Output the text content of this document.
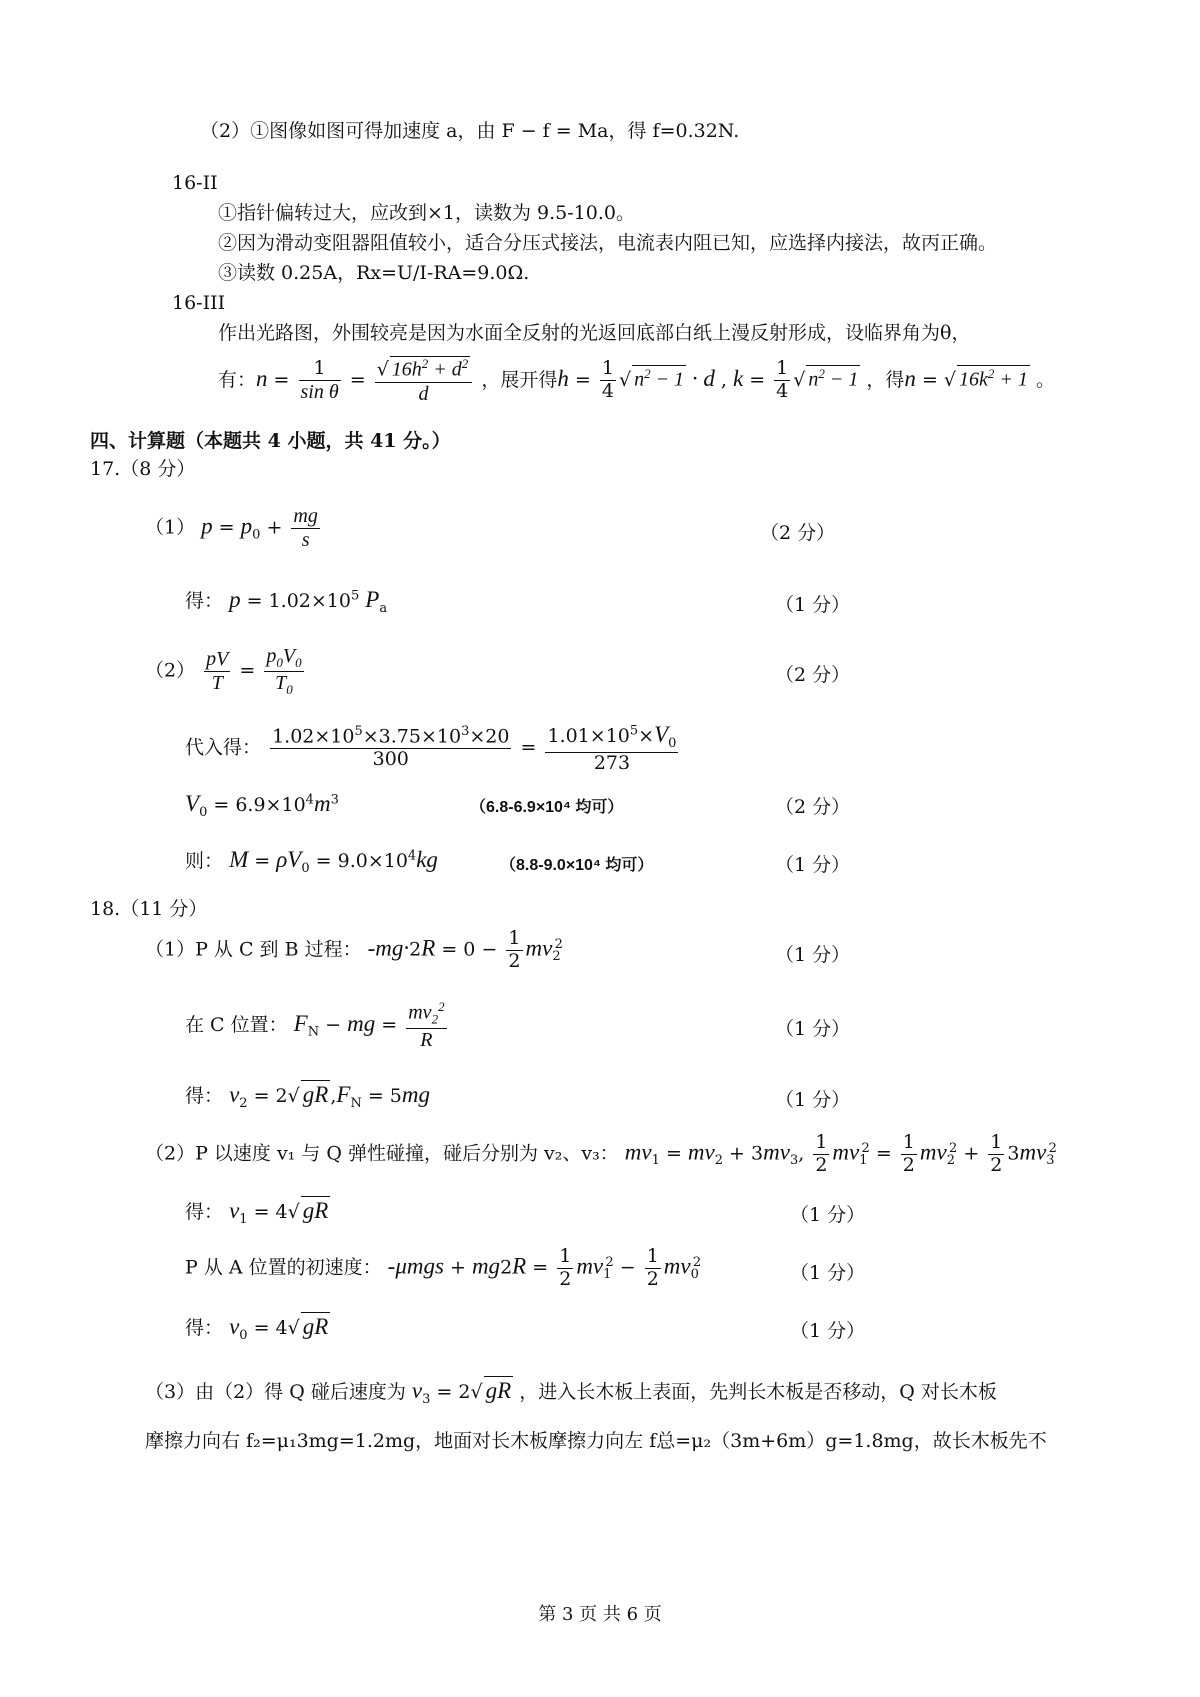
（2）①图像如图可得加速度 a，由 F − f = Ma，得 f=0.32N.
16-II
①指针偏转过大，应改到×1，读数为 9.5-10.0。
②因为滑动变阻器阻值较小，适合分压式接法，电流表内阻已知，应选择内接法，故丙正确。
③读数 0.25A，Rx=U/I-RA=9.0Ω.
16-III
作出光路图，外围较亮是因为水面全反射的光返回底部白纸上漫反射形成，设临界角为θ，
有：$n = \frac{1}{\text{sin θ}} = \frac{√ 16h^2 + d^2}{d}$ ，展开得$h = \frac{1}{4}$ √ $n^2 - 1 \cdot d$ , $k = \frac{1}{4}$ √ $n^2 - 1$ ，得n = √ $16k^2 + 1$ 。
四、计算题（本题共 4 小题，共 41 分。）
17.（8 分）
（1） $p = p_0 + \frac{mg}{s}$	（2 分）
得： $p = 1.02\times 10^5$ $P_a$	（1 分）
$(2) \frac{pV}{T} = \frac{p_0V_0}{T_0}$	（2 分）
代入得： $\frac{1.02\times 10^5\times 3.75\times 10^3\times 20}{300} = \frac{1.01\times 10^5\times V_0}{273}$
$V_0 = 6.9\times 10^4m^3$	（6.8-6.9×10⁴ 均可）	（2 分）
则： $M = \rho V_0 = 9.0\times 10^4kg$	（8.8-9.0×10⁴ 均可）	（1 分）
18.（11 分）
（1）P 从 C 到 B 过程： $-mg\cdot 2R = 0 - \frac{1}{2} mv_2^2$	（1 分）
在 C 位置： $F_N$ − mg = $\frac{mv_2^2}{R}$	（1 分）
得： $v_2 = 2√$ gR $,F_N = 5mg$	（1 分）
（2）P 以速度 v₁ 与 Q 弹性碰撞，碰后分别为 v₂、v₃： $mv_1 = mv_2 + 3mv_3$, $\frac{1}{2} mv_1^2 = \frac{1}{2} mv_2^2 + \frac{1}{2} 3mv_3^2$
得： $v_1 = 4√$ gR	（1 分）
P 从 A 位置的初速度： $-\mu mgs + mg2R = \frac{1}{2} mv_1^2 - \frac{1}{2} mv_0^2$	（1 分）
得： $v_0 = 4√$ gR	（1 分）
（3）由（2）得 Q 碰后速度为 $v_3 = 2√$ gR ，进入长木板上表面，先判长木板是否移动，Q 对长木板
摩擦力向右 f₂=μ₁3mg=1.2mg，地面对长木板摩擦力向左 f总=μ₂（3m+6m）g=1.8mg，故长木板先不
第 3 页 共 6 页
